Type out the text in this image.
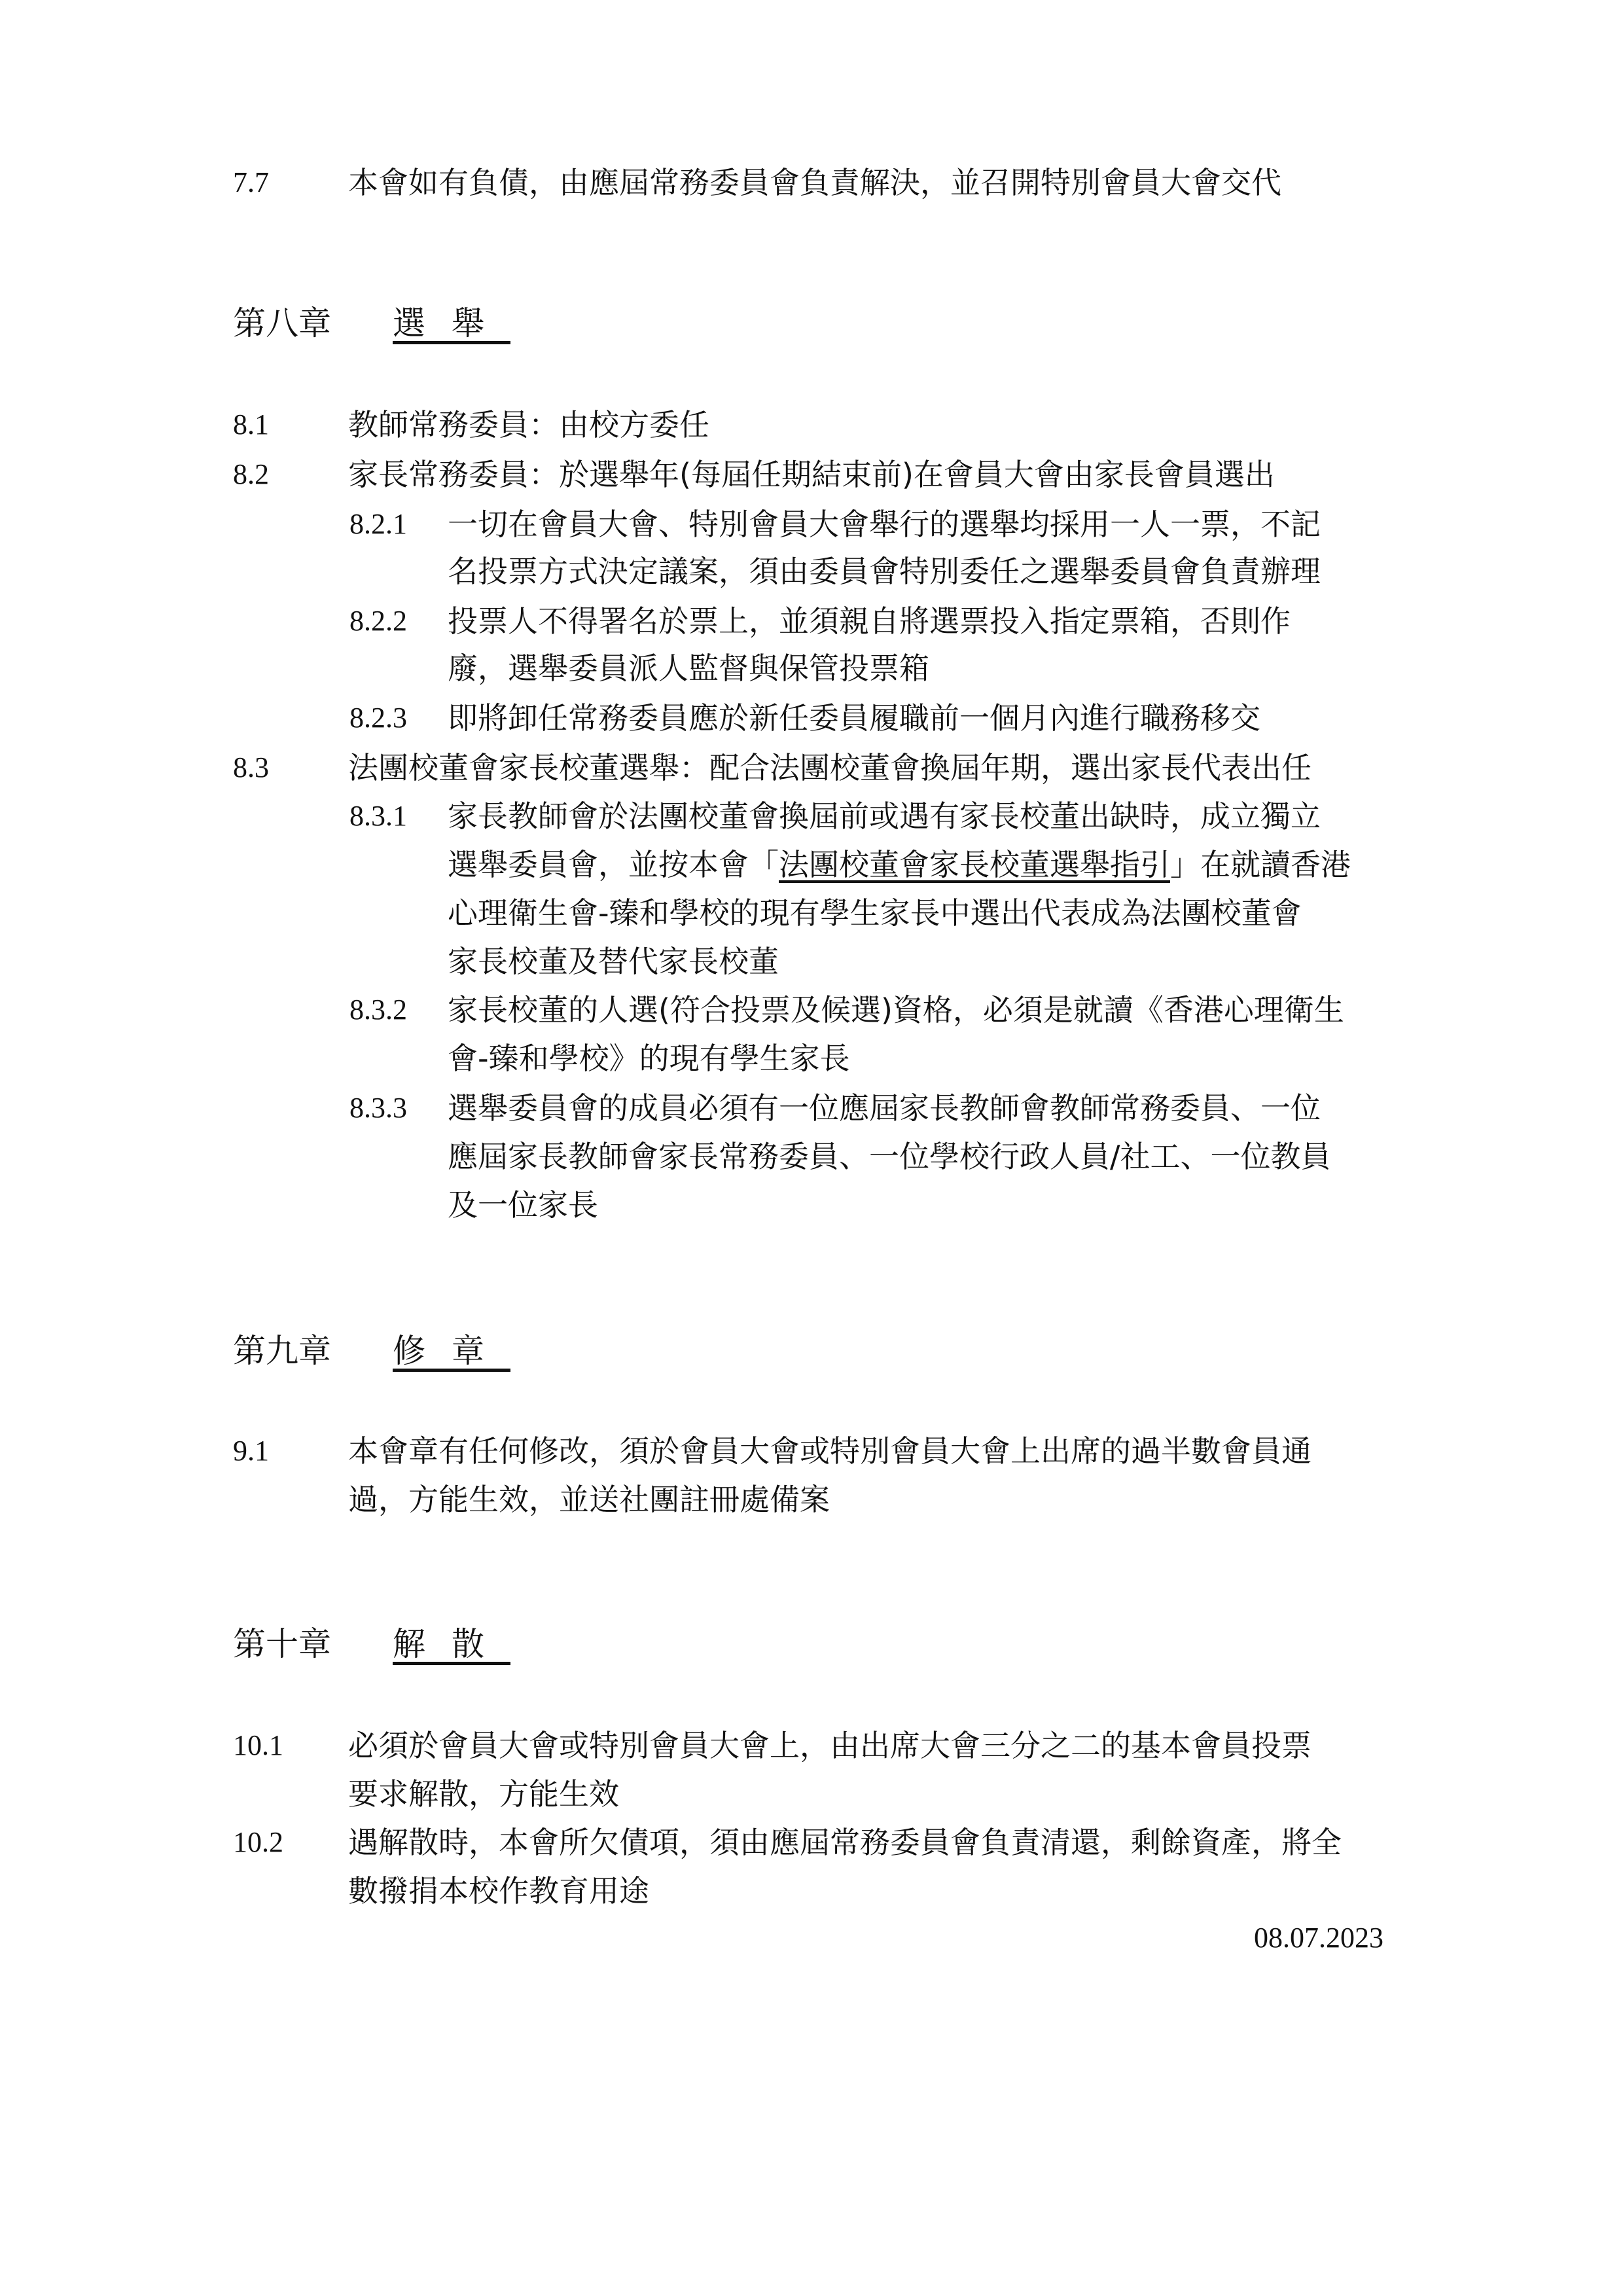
7.7	本會如有負債，由應屆常務委員會負責解決，並召開特別會員大會交代
第八章 選舉
8.1	教師常務委員：由校方委任
8.2	家長常務委員：於選舉年(每屆任期結束前)在會員大會由家長會員選出
8.2.1 一切在會員大會、特別會員大會舉行的選舉均採用一人一票，不記
名投票方式決定議案，須由委員會特別委任之選舉委員會負責辦理
8.2.2 投票人不得署名於票上，並須親自將選票投入指定票箱，否則作
廢，選舉委員派人監督與保管投票箱
8.2.3 即將卸任常務委員應於新任委員履職前一個月內進行職務移交
8.3	法團校董會家長校董選舉：配合法團校董會換屆年期，選出家長代表出任
8.3.1 家長教師會於法團校董會換屆前或遇有家長校董出缺時，成立獨立
選舉委員會，並按本會「法團校董會家長校董選舉指引」在就讀香港
心理衛生會-臻和學校的現有學生家長中選出代表成為法團校董會
家長校董及替代家長校董
8.3.2 家長校董的人選(符合投票及候選)資格，必須是就讀《香港心理衛生
會-臻和學校》的現有學生家長
8.3.3 選舉委員會的成員必須有一位應屆家長教師會教師常務委員、一位
應屆家長教師會家長常務委員、一位學校行政人員/社工、一位教員
及一位家長
第九章 修章
9.1	本會章有任何修改，須於會員大會或特別會員大會上出席的過半數會員通
過，方能生效，並送社團註冊處備案
第十章 解散
10.1 必須於會員大會或特別會員大會上，由出席大會三分之二的基本會員投票
要求解散，方能生效
10.2 遇解散時，本會所欠債項，須由應屆常務委員會負責清還，剩餘資產，將全
數撥捐本校作教育用途
08.07.2023
